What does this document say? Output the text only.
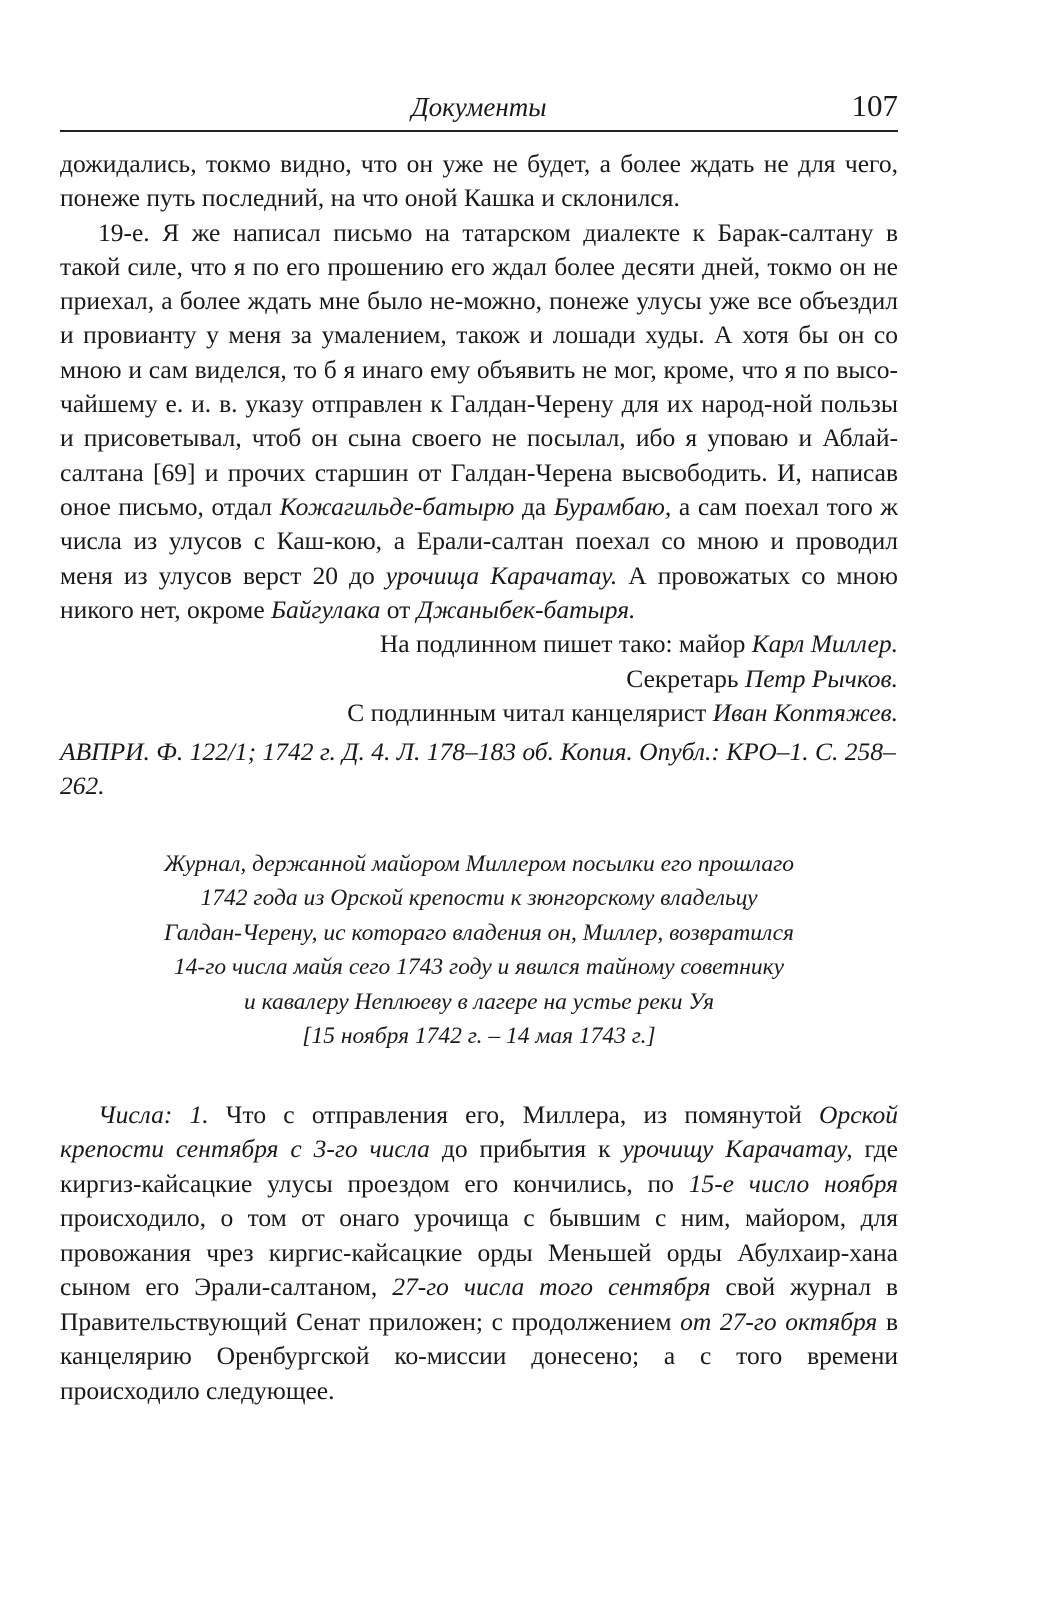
Документы	107

дожидались, токмо видно, что он уже не будет, а более ждать не для чего, понеже путь последний, на что оной Кашка и склонился.

19-е. Я же написал письмо на татарском диалекте к Барак-салтану в такой силе, что я по его прошению его ждал более десяти дней, токмо он не приехал, а более ждать мне было не-можно, понеже улусы уже все объездил и провианту у меня за умалением, також и лошади худы. А хотя бы он со мною и сам виделся, то б я инаго ему объявить не мог, кроме, что я по высо-чайшему е. и. в. указу отправлен к Галдан-Черену для их народ-ной пользы и присоветывал, чтоб он сына своего не посылал, ибо я уповаю и Аблай-салтана [69] и прочих старшин от Галдан-Черена высвободить. И, написав оное письмо, отдал Кожагильде-батырю да Бурамбаю, а сам поехал того ж числа из улусов с Каш-кою, а Ерали-салтан поехал со мною и проводил меня из улусов верст 20 до урочища Карачатау. А провожатых со мною никого нет, окроме Байгулака от Джаныбек-батыря.

На подлинном пишет тако: майор Карл Миллер.

Секретарь Петр Рычков.

С подлинным читал канцелярист Иван Коптяжев.

АВПРИ. Ф. 122/1; 1742 г. Д. 4. Л. 178–183 об. Копия. Опубл.: КРО–1. С. 258–262.
Журнал, держанной майором Миллером посылки его прошлаго
1742 года из Орской крепости к зюнгорскому владельцу
Галдан-Черену, ис котораго владения он, Миллер, возвратился
14-го числа майя сего 1743 году и явился тайному советнику
и кавалеру Неплюеву в лагере на устье реки Уя
[15 ноября 1742 г. – 14 мая 1743 г.]

Числа: 1. Что с отправления его, Миллера, из помянутой Орской крепости сентября с 3-го числа до прибытия к урочищу Карачатау, где киргиз-кайсацкие улусы проездом его кончились, по 15-е число ноября происходило, о том от онаго урочища с бывшим с ним, майором, для провожания чрез киргис-кайсацкие орды Меньшей орды Абулхаир-хана сыном его Эрали-салтаном, 27-го числа того сентября свой журнал в Правительствующий Сенат приложен; с продолжением от 27-го октября в канцелярию Оренбургской ко-миссии донесено; а с того времени происходило следующее.
